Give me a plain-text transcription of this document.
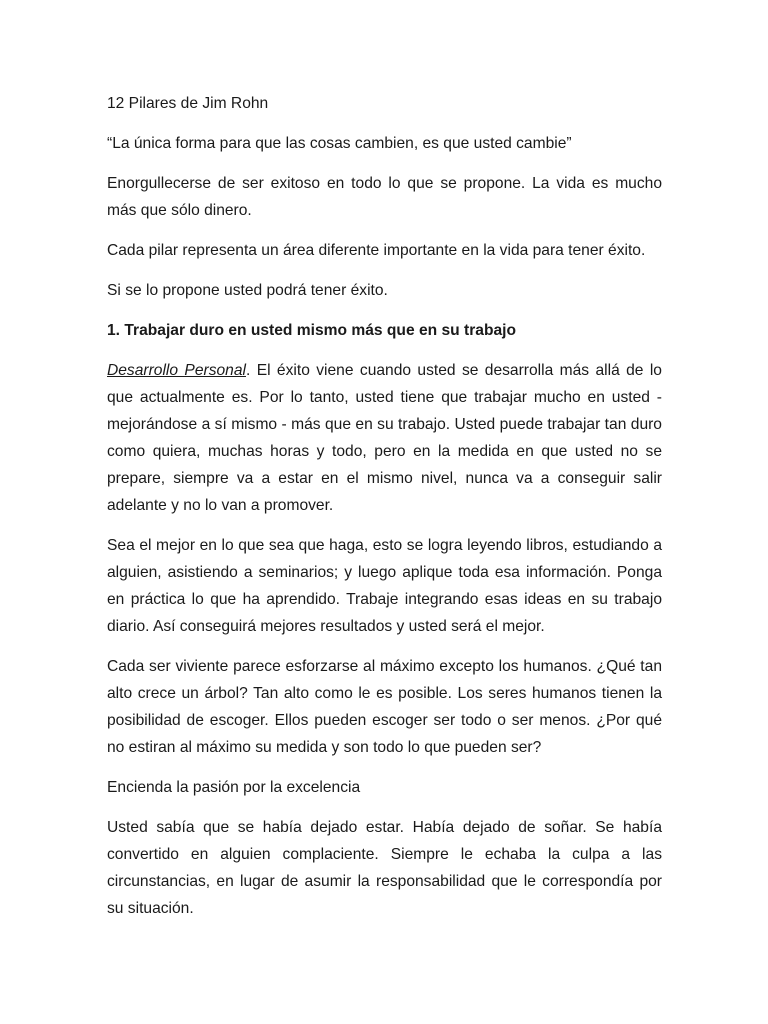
12 Pilares de Jim Rohn

“La única forma para que las cosas cambien, es que usted cambie”

Enorgullecerse de ser exitoso en todo lo que se propone. La vida es mucho más que sólo dinero.

Cada pilar representa un área diferente importante en la vida para tener éxito.

Si se lo propone usted podrá tener éxito.

1. Trabajar duro en usted mismo más que en su trabajo

Desarrollo Personal. El éxito viene cuando usted se desarrolla más allá de lo que actualmente es. Por lo tanto, usted tiene que trabajar mucho en usted - mejorándose a sí mismo - más que en su trabajo. Usted puede trabajar tan duro como quiera, muchas horas y todo, pero en la medida en que usted no se prepare, siempre va a estar en el mismo nivel, nunca va a conseguir salir adelante y no lo van a promover.

Sea el mejor en lo que sea que haga, esto se logra leyendo libros, estudiando a alguien, asistiendo a seminarios; y luego aplique toda esa información. Ponga en práctica lo que ha aprendido. Trabaje integrando esas ideas en su trabajo diario. Así conseguirá mejores resultados y usted será el mejor.

Cada ser viviente parece esforzarse al máximo excepto los humanos. ¿Qué tan alto crece un árbol? Tan alto como le es posible. Los seres humanos tienen la posibilidad de escoger. Ellos pueden escoger ser todo o ser menos. ¿Por qué no estiran al máximo su medida y son todo lo que pueden ser?

Encienda la pasión por la excelencia

Usted sabía que se había dejado estar. Había dejado de soñar. Se había convertido en alguien complaciente. Siempre le echaba la culpa a las circunstancias, en lugar de asumir la responsabilidad que le correspondía por su situación.
